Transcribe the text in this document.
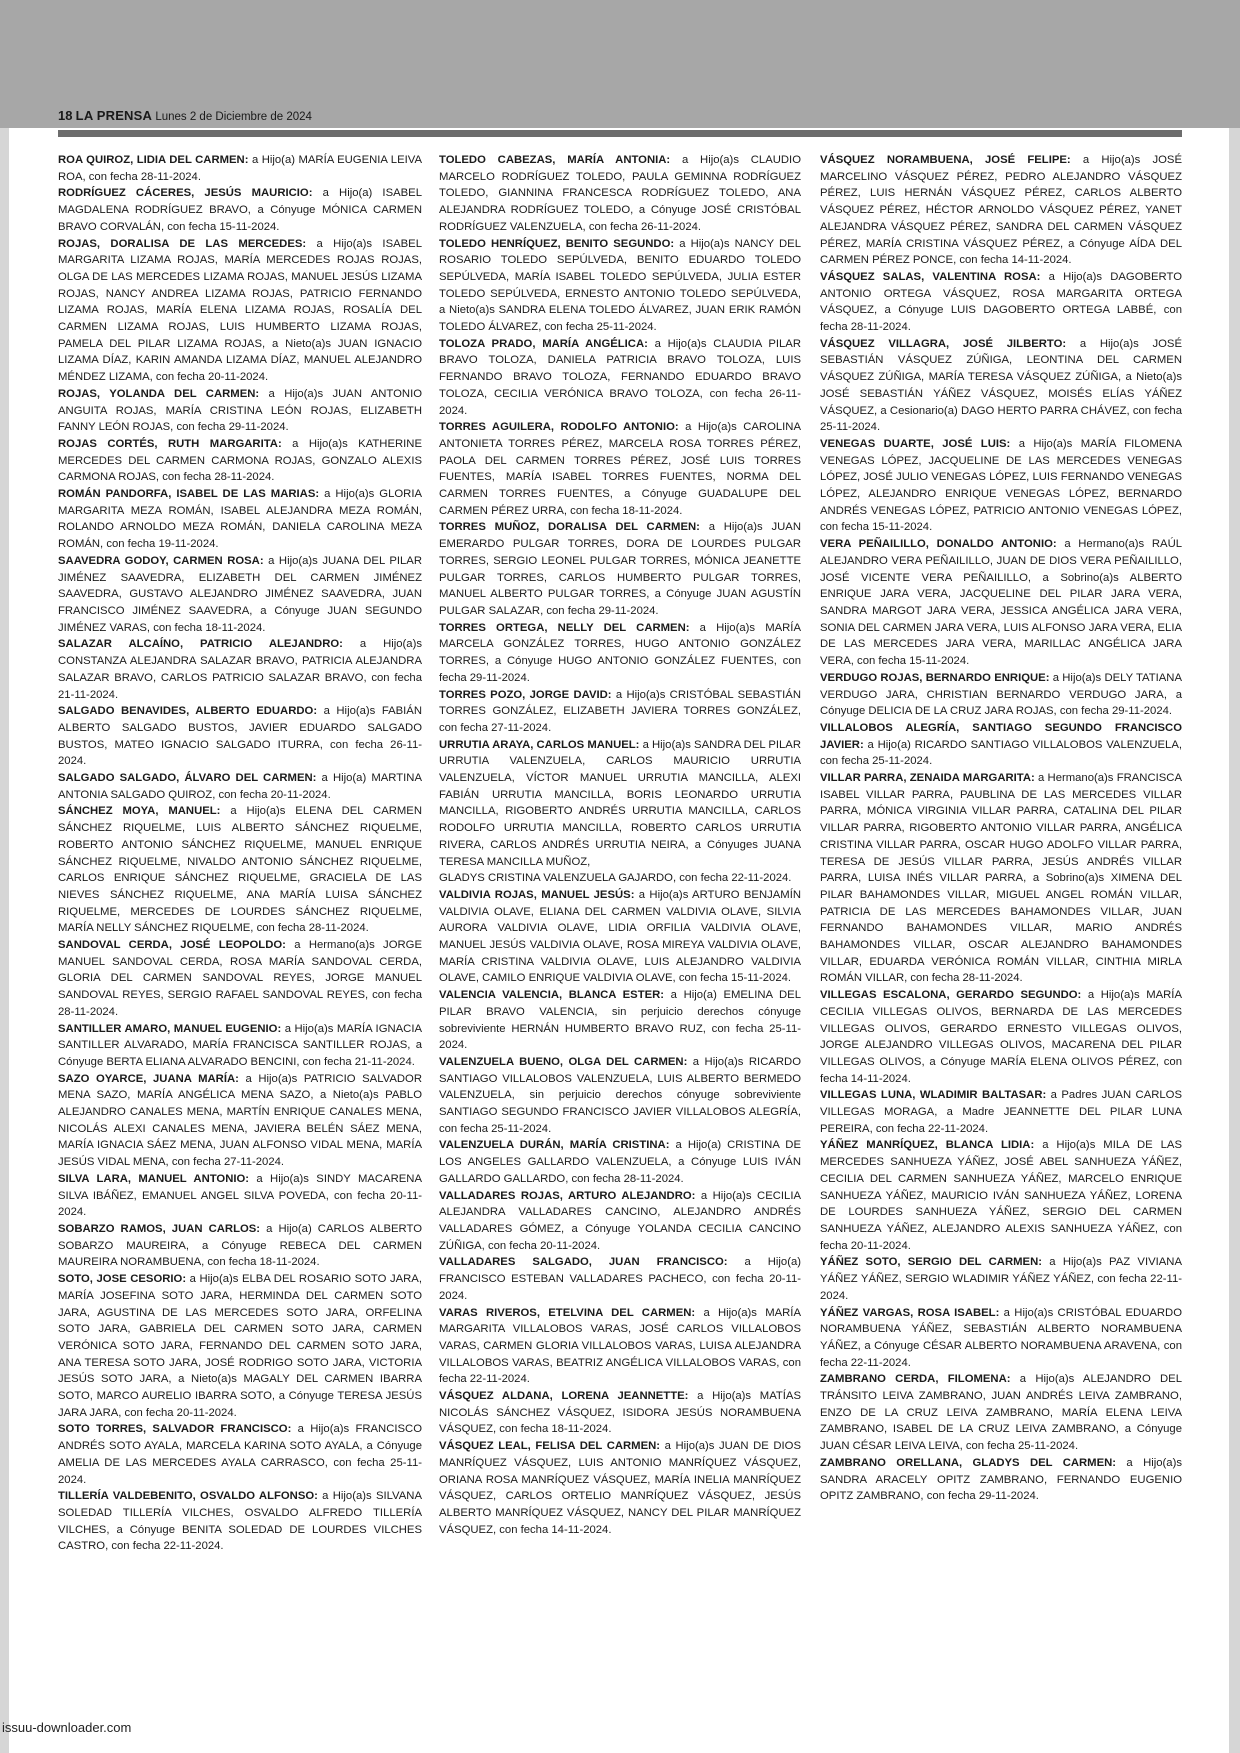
18 LA PRENSA Lunes 2 de Diciembre de 2024

ROA QUIROZ, LIDIA DEL CARMEN: a Hijo(a) MARÍA EUGENIA LEIVA ROA, con fecha 28-11-2024.

RODRÍGUEZ CÁCERES, JESÚS MAURICIO: a Hijo(a) ISABEL MAGDALENA RODRÍGUEZ BRAVO, a Cónyuge MÓNICA CARMEN BRAVO CORVALÁN, con fecha 15-11-2024.

ROJAS, DORALISA DE LAS MERCEDES: a Hijo(a)s ISABEL MARGARITA LIZAMA ROJAS, MARÍA MERCEDES ROJAS ROJAS, OLGA DE LAS MERCEDES LIZAMA ROJAS, MANUEL JESÚS LIZAMA ROJAS, NANCY ANDREA LIZAMA ROJAS, PATRICIO FERNANDO LIZAMA ROJAS, MARÍA ELENA LIZAMA ROJAS, ROSALÍA DEL CARMEN LIZAMA ROJAS, LUIS HUMBERTO LIZAMA ROJAS, PAMELA DEL PILAR LIZAMA ROJAS, a Nieto(a)s JUAN IGNACIO LIZAMA DÍAZ, KARIN AMANDA LIZAMA DÍAZ, MANUEL ALEJANDRO MÉNDEZ LIZAMA, con fecha 20-11-2024.

ROJAS, YOLANDA DEL CARMEN: a Hijo(a)s JUAN ANTONIO ANGUITA ROJAS, MARÍA CRISTINA LEÓN ROJAS, ELIZABETH FANNY LEÓN ROJAS, con fecha 29-11-2024.

ROJAS CORTÉS, RUTH MARGARITA: a Hijo(a)s KATHERINE MERCEDES DEL CARMEN CARMONA ROJAS, GONZALO ALEXIS CARMONA ROJAS, con fecha 28-11-2024.

ROMÁN PANDORFA, ISABEL DE LAS MARIAS: a Hijo(a)s GLORIA MARGARITA MEZA ROMÁN, ISABEL ALEJANDRA MEZA ROMÁN, ROLANDO ARNOLDO MEZA ROMÁN, DANIELA CAROLINA MEZA ROMÁN, con fecha 19-11-2024.

SAAVEDRA GODOY, CARMEN ROSA: a Hijo(a)s JUANA DEL PILAR JIMÉNEZ SAAVEDRA, ELIZABETH DEL CARMEN JIMÉNEZ SAAVEDRA, GUSTAVO ALEJANDRO JIMÉNEZ SAAVEDRA, JUAN FRANCISCO JIMÉNEZ SAAVEDRA, a Cónyuge JUAN SEGUNDO JIMÉNEZ VARAS, con fecha 18-11-2024.

SALAZAR ALCAÍNO, PATRICIO ALEJANDRO: a Hijo(a)s CONSTANZA ALEJANDRA SALAZAR BRAVO, PATRICIA ALEJANDRA SALAZAR BRAVO, CARLOS PATRICIO SALAZAR BRAVO, con fecha 21-11-2024.

SALGADO BENAVIDES, ALBERTO EDUARDO: a Hijo(a)s FABIÁN ALBERTO SALGADO BUSTOS, JAVIER EDUARDO SALGADO BUSTOS, MATEO IGNACIO SALGADO ITURRA, con fecha 26-11- 2024.

SALGADO SALGADO, ÁLVARO DEL CARMEN: a Hijo(a) MARTINA ANTONIA SALGADO QUIROZ, con fecha 20-11-2024.

SÁNCHEZ MOYA, MANUEL: a Hijo(a)s ELENA DEL CARMEN SÁNCHEZ RIQUELME, LUIS ALBERTO SÁNCHEZ RIQUELME, ROBERTO ANTONIO SÁNCHEZ RIQUELME, MANUEL ENRIQUE SÁNCHEZ RIQUELME, NIVALDO ANTONIO SÁNCHEZ RIQUELME, CARLOS ENRIQUE SÁNCHEZ RIQUELME, GRACIELA DE LAS NIEVES SÁNCHEZ RIQUELME, ANA MARÍA LUISA SÁNCHEZ RIQUELME, MERCEDES DE LOURDES SÁNCHEZ RIQUELME, MARÍA NELLY SÁNCHEZ RIQUELME, con fecha 28-11-2024.

SANDOVAL CERDA, JOSÉ LEOPOLDO: a Hermano(a)s JORGE MANUEL SANDOVAL CERDA, ROSA MARÍA SANDOVAL CERDA, GLORIA DEL CARMEN SANDOVAL REYES, JORGE MANUEL SANDOVAL REYES, SERGIO RAFAEL SANDOVAL REYES, con fecha 28-11-2024.

SANTILLER AMARO, MANUEL EUGENIO: a Hijo(a)s MARÍA IGNACIA SANTILLER ALVARADO, MARÍA FRANCISCA SANTILLER ROJAS, a Cónyuge BERTA ELIANA ALVARADO BENCINI, con fecha 21-11-2024.

SAZO OYARCE, JUANA MARÍA: a Hijo(a)s PATRICIO SALVADOR MENA SAZO, MARÍA ANGÉLICA MENA SAZO, a Nieto(a)s PABLO ALEJANDRO CANALES MENA, MARTÍN ENRIQUE CANALES MENA, NICOLÁS ALEXI CANALES MENA, JAVIERA BELÉN SÁEZ MENA, MARÍA IGNACIA SÁEZ MENA, JUAN ALFONSO VIDAL MENA, MARÍA JESÚS VIDAL MENA, con fecha 27-11-2024.

SILVA LARA, MANUEL ANTONIO: a Hijo(a)s SINDY MACARENA SILVA IBÁÑEZ, EMANUEL ANGEL SILVA POVEDA, con fecha 20-11-2024.

SOBARZO RAMOS, JUAN CARLOS: a Hijo(a) CARLOS ALBERTO SOBARZO MAUREIRA, a Cónyuge REBECA DEL CARMEN MAUREIRA NORAMBUENA, con fecha 18-11-2024.

SOTO, JOSE CESORIO: a Hijo(a)s ELBA DEL ROSARIO SOTO JARA, MARÍA JOSEFINA SOTO JARA, HERMINDA DEL CARMEN SOTO JARA, AGUSTINA DE LAS MERCEDES SOTO JARA, ORFELINA SOTO JARA, GABRIELA DEL CARMEN SOTO JARA, CARMEN VERÓNICA SOTO JARA, FERNANDO DEL CARMEN SOTO JARA, ANA TERESA SOTO JARA, JOSÉ RODRIGO SOTO JARA, VICTORIA JESÚS SOTO JARA, a Nieto(a)s MAGALY DEL CARMEN IBARRA SOTO, MARCO AURELIO IBARRA SOTO, a Cónyuge TERESA JESÚS JARA JARA, con fecha 20-11-2024.

SOTO TORRES, SALVADOR FRANCISCO: a Hijo(a)s FRANCISCO ANDRÉS SOTO AYALA, MARCELA KARINA SOTO AYALA, a Cónyuge AMELIA DE LAS MERCEDES AYALA CARRASCO, con fecha 25-11-2024.

TILLERÍA VALDEBENITO, OSVALDO ALFONSO: a Hijo(a)s SILVANA SOLEDAD TILLERÍA VILCHES, OSVALDO ALFREDO TILLERÍA VILCHES, a Cónyuge BENITA SOLEDAD DE LOURDES VILCHES CASTRO, con fecha 22-11-2024.

TOLEDO CABEZAS, MARÍA ANTONIA: a Hijo(a)s CLAUDIO MARCELO RODRÍGUEZ TOLEDO, PAULA GEMINNA RODRÍGUEZ TOLEDO, GIANNINA FRANCESCA RODRÍGUEZ TOLEDO, ANA ALEJANDRA RODRÍGUEZ TOLEDO, a Cónyuge JOSÉ CRISTÓBAL RODRÍGUEZ VALENZUELA, con fecha 26-11-2024.

TOLEDO HENRÍQUEZ, BENITO SEGUNDO: a Hijo(a)s NANCY DEL ROSARIO TOLEDO SEPÚLVEDA, BENITO EDUARDO TOLEDO SEPÚLVEDA, MARÍA ISABEL TOLEDO SEPÚLVEDA, JULIA ESTER TOLEDO SEPÚLVEDA, ERNESTO ANTONIO TOLEDO SEPÚLVEDA, a Nieto(a)s SANDRA ELENA TOLEDO ÁLVAREZ, JUAN ERIK RAMÓN TOLEDO ÁLVAREZ, con fecha 25-11-2024.

TOLOZA PRADO, MARÍA ANGÉLICA: a Hijo(a)s CLAUDIA PILAR BRAVO TOLOZA, DANIELA PATRICIA BRAVO TOLOZA, LUIS FERNANDO BRAVO TOLOZA, FERNANDO EDUARDO BRAVO TOLOZA, CECILIA VERÓNICA BRAVO TOLOZA, con fecha 26-11-2024.

TORRES AGUILERA, RODOLFO ANTONIO: a Hijo(a)s CAROLINA ANTONIETA TORRES PÉREZ, MARCELA ROSA TORRES PÉREZ, PAOLA DEL CARMEN TORRES PÉREZ, JOSÉ LUIS TORRES FUENTES, MARÍA ISABEL TORRES FUENTES, NORMA DEL CARMEN TORRES FUENTES, a Cónyuge GUADALUPE DEL CARMEN PÉREZ URRA, con fecha 18-11-2024.

TORRES MUÑOZ, DORALISA DEL CARMEN: a Hijo(a)s JUAN EMERARDO PULGAR TORRES, DORA DE LOURDES PULGAR TORRES, SERGIO LEONEL PULGAR TORRES, MÓNICA JEANETTE PULGAR TORRES, CARLOS HUMBERTO PULGAR TORRES, MANUEL ALBERTO PULGAR TORRES, a Cónyuge JUAN AGUSTÍN PULGAR SALAZAR, con fecha 29-11-2024.

TORRES ORTEGA, NELLY DEL CARMEN: a Hijo(a)s MARÍA MARCELA GONZÁLEZ TORRES, HUGO ANTONIO GONZÁLEZ TORRES, a Cónyuge HUGO ANTONIO GONZÁLEZ FUENTES, con fecha 29-11-2024.

TORRES POZO, JORGE DAVID: a Hijo(a)s CRISTÓBAL SEBASTIÁN TORRES GONZÁLEZ, ELIZABETH JAVIERA TORRES GONZÁLEZ, con fecha 27-11-2024.

URRUTIA ARAYA, CARLOS MANUEL: a Hijo(a)s SANDRA DEL PILAR URRUTIA VALENZUELA, CARLOS MAURICIO URRUTIA VALENZUELA, VÍCTOR MANUEL URRUTIA MANCILLA, ALEXI FABIÁN URRUTIA MANCILLA, BORIS LEONARDO URRUTIA MANCILLA, RIGOBERTO ANDRÉS URRUTIA MANCILLA, CARLOS RODOLFO URRUTIA MANCILLA, ROBERTO CARLOS URRUTIA RIVERA, CARLOS ANDRÉS URRUTIA NEIRA, a Cónyuges JUANA TERESA MANCILLA MUÑOZ,

GLADYS CRISTINA VALENZUELA GAJARDO, con fecha 22-11-2024.

VALDIVIA ROJAS, MANUEL JESÚS: a Hijo(a)s ARTURO BENJAMÍN VALDIVIA OLAVE, ELIANA DEL CARMEN VALDIVIA OLAVE, SILVIA AURORA VALDIVIA OLAVE, LIDIA ORFILIA VALDIVIA OLAVE, MANUEL JESÚS VALDIVIA OLAVE, ROSA MIREYA VALDIVIA OLAVE, MARÍA CRISTINA VALDIVIA OLAVE, LUIS ALEJANDRO VALDIVIA OLAVE, CAMILO ENRIQUE VALDIVIA OLAVE, con fecha 15-11-2024.

VALENCIA VALENCIA, BLANCA ESTER: a Hijo(a) EMELINA DEL PILAR BRAVO VALENCIA, sin perjuicio derechos cónyuge sobreviviente HERNÁN HUMBERTO BRAVO RUZ, con fecha 25-11-2024.

VALENZUELA BUENO, OLGA DEL CARMEN: a Hijo(a)s RICARDO SANTIAGO VILLALOBOS VALENZUELA, LUIS ALBERTO BERMEDO VALENZUELA, sin perjuicio derechos cónyuge sobreviviente SANTIAGO SEGUNDO FRANCISCO JAVIER VILLALOBOS ALEGRÍA, con fecha 25-11-2024.

VALENZUELA DURÁN, MARÍA CRISTINA: a Hijo(a) CRISTINA DE LOS ANGELES GALLARDO VALENZUELA, a Cónyuge LUIS IVÁN GALLARDO GALLARDO, con fecha 28-11-2024.

VALLADARES ROJAS, ARTURO ALEJANDRO: a Hijo(a)s CECILIA ALEJANDRA VALLADARES CANCINO, ALEJANDRO ANDRÉS VALLADARES GÓMEZ, a Cónyuge YOLANDA CECILIA CANCINO ZÚÑIGA, con fecha 20-11-2024.

VALLADARES SALGADO, JUAN FRANCISCO: a Hijo(a) FRANCISCO ESTEBAN VALLADARES PACHECO, con fecha 20-11-2024.

VARAS RIVEROS, ETELVINA DEL CARMEN: a Hijo(a)s MARÍA MARGARITA VILLALOBOS VARAS, JOSÉ CARLOS VILLALOBOS VARAS, CARMEN GLORIA VILLALOBOS VARAS, LUISA ALEJANDRA VILLALOBOS VARAS, BEATRIZ ANGÉLICA VILLALOBOS VARAS, con fecha 22-11-2024.

VÁSQUEZ ALDANA, LORENA JEANNETTE: a Hijo(a)s MATÍAS NICOLÁS SÁNCHEZ VÁSQUEZ, ISIDORA JESÚS NORAMBUENA VÁSQUEZ, con fecha 18-11-2024.

VÁSQUEZ LEAL, FELISA DEL CARMEN: a Hijo(a)s JUAN DE DIOS MANRÍQUEZ VÁSQUEZ, LUIS ANTONIO MANRÍQUEZ VÁSQUEZ, ORIANA ROSA MANRÍQUEZ VÁSQUEZ, MARÍA INELIA MANRÍQUEZ VÁSQUEZ, CARLOS ORTELIO MANRÍQUEZ VÁSQUEZ, JESÚS ALBERTO MANRÍQUEZ VÁSQUEZ, NANCY DEL PILAR MANRÍQUEZ VÁSQUEZ, con fecha 14-11-2024.

VÁSQUEZ NORAMBUENA, JOSÉ FELIPE: a Hijo(a)s JOSÉ MARCELINO VÁSQUEZ PÉREZ, PEDRO ALEJANDRO VÁSQUEZ PÉREZ, LUIS HERNÁN VÁSQUEZ PÉREZ, CARLOS ALBERTO VÁSQUEZ PÉREZ, HÉCTOR ARNOLDO VÁSQUEZ PÉREZ, YANET ALEJANDRA VÁSQUEZ PÉREZ, SANDRA DEL CARMEN VÁSQUEZ PÉREZ, MARÍA CRISTINA VÁSQUEZ PÉREZ, a Cónyuge AÍDA DEL CARMEN PÉREZ PONCE, con fecha 14-11-2024.

VÁSQUEZ SALAS, VALENTINA ROSA: a Hijo(a)s DAGOBERTO ANTONIO ORTEGA VÁSQUEZ, ROSA MARGARITA ORTEGA VÁSQUEZ, a Cónyuge LUIS DAGOBERTO ORTEGA LABBÉ, con fecha 28-11-2024.

VÁSQUEZ VILLAGRA, JOSÉ JILBERTO: a Hijo(a)s JOSÉ SEBASTIÁN VÁSQUEZ ZÚÑIGA, LEONTINA DEL CARMEN VÁSQUEZ ZÚÑIGA, MARÍA TERESA VÁSQUEZ ZÚÑIGA, a Nieto(a)s JOSÉ SEBASTIÁN YÁÑEZ VÁSQUEZ, MOISÉS ELÍAS YÁÑEZ VÁSQUEZ, a Cesionario(a) DAGO HERTO PARRA CHÁVEZ, con fecha 25-11-2024.

VENEGAS DUARTE, JOSÉ LUIS: a Hijo(a)s MARÍA FILOMENA VENEGAS LÓPEZ, JACQUELINE DE LAS MERCEDES VENEGAS LÓPEZ, JOSÉ JULIO VENEGAS LÓPEZ, LUIS FERNANDO VENEGAS LÓPEZ, ALEJANDRO ENRIQUE VENEGAS LÓPEZ, BERNARDO ANDRÉS VENEGAS LÓPEZ, PATRICIO ANTONIO VENEGAS LÓPEZ, con fecha 15-11-2024.

VERA PEÑAILILLO, DONALDO ANTONIO: a Hermano(a)s RAÚL ALEJANDRO VERA PEÑAILILLO, JUAN DE DIOS VERA PEÑAILILLO, JOSÉ VICENTE VERA PEÑAILILLO, a Sobrino(a)s ALBERTO ENRIQUE JARA VERA, JACQUELINE DEL PILAR JARA VERA, SANDRA MARGOT JARA VERA, JESSICA ANGÉLICA JARA VERA, SONIA DEL CARMEN JARA VERA, LUIS ALFONSO JARA VERA, ELIA DE LAS MERCEDES JARA VERA, MARILLAC ANGÉLICA JARA VERA, con fecha 15-11-2024.

VERDUGO ROJAS, BERNARDO ENRIQUE: a Hijo(a)s DELY TATIANA VERDUGO JARA, CHRISTIAN BERNARDO VERDUGO JARA, a Cónyuge DELICIA DE LA CRUZ JARA ROJAS, con fecha 29-11-2024.

VILLALOBOS ALEGRÍA, SANTIAGO SEGUNDO FRANCISCO JAVIER: a Hijo(a) RICARDO SANTIAGO VILLALOBOS VALENZUELA, con fecha 25-11-2024.

VILLAR PARRA, ZENAIDA MARGARITA: a Hermano(a)s FRANCISCA ISABEL VILLAR PARRA, PAUBLINA DE LAS MERCEDES VILLAR PARRA, MÓNICA VIRGINIA VILLAR PARRA, CATALINA DEL PILAR VILLAR PARRA, RIGOBERTO ANTONIO VILLAR PARRA, ANGÉLICA CRISTINA VILLAR PARRA, OSCAR HUGO ADOLFO VILLAR PARRA, TERESA DE JESÚS VILLAR PARRA, JESÚS ANDRÉS VILLAR PARRA, LUISA INÉS VILLAR PARRA, a Sobrino(a)s XIMENA DEL PILAR BAHAMONDES VILLAR, MIGUEL ANGEL ROMÁN VILLAR, PATRICIA DE LAS MERCEDES BAHAMONDES VILLAR, JUAN FERNANDO BAHAMONDES VILLAR, MARIO ANDRÉS BAHAMONDES VILLAR, OSCAR ALEJANDRO BAHAMONDES VILLAR, EDUARDA VERÓNICA ROMÁN VILLAR, CINTHIA MIRLA ROMÁN VILLAR, con fecha 28-11-2024.

VILLEGAS ESCALONA, GERARDO SEGUNDO: a Hijo(a)s MARÍA CECILIA VILLEGAS OLIVOS, BERNARDA DE LAS MERCEDES VILLEGAS OLIVOS, GERARDO ERNESTO VILLEGAS OLIVOS, JORGE ALEJANDRO VILLEGAS OLIVOS, MACARENA DEL PILAR VILLEGAS OLIVOS, a Cónyuge MARÍA ELENA OLIVOS PÉREZ, con fecha 14-11-2024.

VILLEGAS LUNA, WLADIMIR BALTASAR: a Padres JUAN CARLOS VILLEGAS MORAGA, a Madre JEANNETTE DEL PILAR LUNA PEREIRA, con fecha 22-11-2024.

YÁÑEZ MANRÍQUEZ, BLANCA LIDIA: a Hijo(a)s MILA DE LAS MERCEDES SANHUEZA YÁÑEZ, JOSÉ ABEL SANHUEZA YÁÑEZ, CECILIA DEL CARMEN SANHUEZA YÁÑEZ, MARCELO ENRIQUE SANHUEZA YÁÑEZ, MAURICIO IVÁN SANHUEZA YÁÑEZ, LORENA DE LOURDES SANHUEZA YÁÑEZ, SERGIO DEL CARMEN SANHUEZA YÁÑEZ, ALEJANDRO ALEXIS SANHUEZA YÁÑEZ, con fecha 20-11-2024.

YÁÑEZ SOTO, SERGIO DEL CARMEN: a Hijo(a)s PAZ VIVIANA YÁÑEZ YÁÑEZ, SERGIO WLADIMIR YÁÑEZ YÁÑEZ, con fecha 22-11-2024.

YÁÑEZ VARGAS, ROSA ISABEL: a Hijo(a)s CRISTÓBAL EDUARDO NORAMBUENA YÁÑEZ, SEBASTIÁN ALBERTO NORAMBUENA YÁÑEZ, a Cónyuge CÉSAR ALBERTO NORAMBUENA ARAVENA, con fecha 22-11-2024.

ZAMBRANO CERDA, FILOMENA: a Hijo(a)s ALEJANDRO DEL TRÁNSITO LEIVA ZAMBRANO, JUAN ANDRÉS LEIVA ZAMBRANO, ENZO DE LA CRUZ LEIVA ZAMBRANO, MARÍA ELENA LEIVA ZAMBRANO, ISABEL DE LA CRUZ LEIVA ZAMBRANO, a Cónyuge JUAN CÉSAR LEIVA LEIVA, con fecha 25-11-2024.

ZAMBRANO ORELLANA, GLADYS DEL CARMEN: a Hijo(a)s SANDRA ARACELY OPITZ ZAMBRANO, FERNANDO EUGENIO OPITZ ZAMBRANO, con fecha 29-11-2024.

issuu-downloader.com
